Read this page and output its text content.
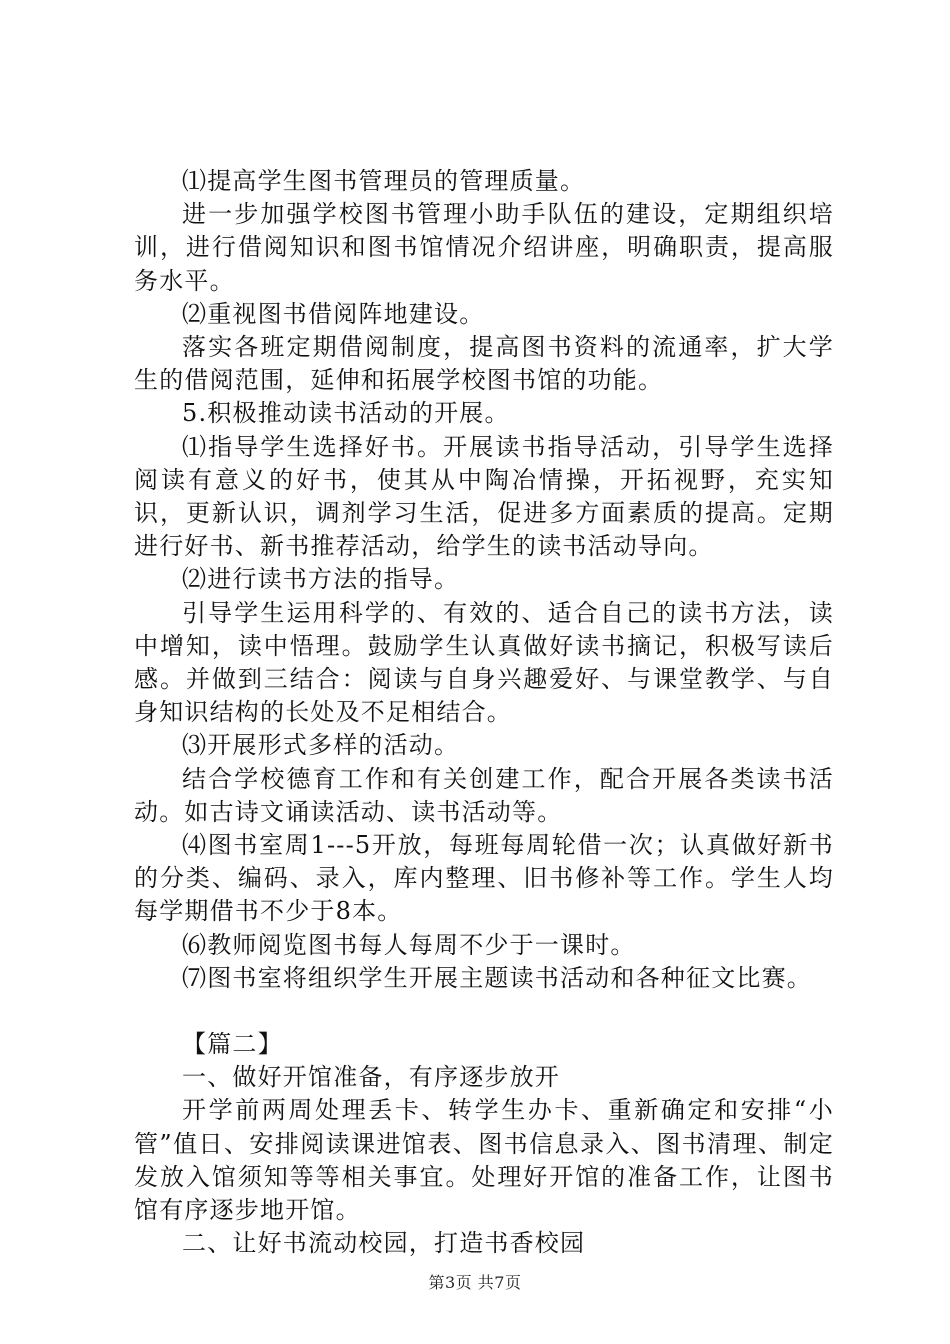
⑴提高学生图书管理员的管理质量。

进一步加强学校图书管理小助手队伍的建设，定期组织培训，进行借阅知识和图书馆情况介绍讲座，明确职责，提高服务水平。

⑵重视图书借阅阵地建设。

落实各班定期借阅制度，提高图书资料的流通率，扩大学生的借阅范围，延伸和拓展学校图书馆的功能。

5.积极推动读书活动的开展。

⑴指导学生选择好书。开展读书指导活动，引导学生选择阅读有意义的好书，使其从中陶冶情操，开拓视野，充实知识，更新认识，调剂学习生活，促进多方面素质的提高。定期进行好书、新书推荐活动，给学生的读书活动导向。

⑵进行读书方法的指导。

引导学生运用科学的、有效的、适合自己的读书方法，读中增知，读中悟理。鼓励学生认真做好读书摘记，积极写读后感。并做到三结合：阅读与自身兴趣爱好、与课堂教学、与自身知识结构的长处及不足相结合。

⑶开展形式多样的活动。

结合学校德育工作和有关创建工作，配合开展各类读书活动。如古诗文诵读活动、读书活动等。

⑷图书室周1---5开放，每班每周轮借一次；认真做好新书的分类、编码、录入，库内整理、旧书修补等工作。学生人均每学期借书不少于8本。

⑹教师阅览图书每人每周不少于一课时。

⑺图书室将组织学生开展主题读书活动和各种征文比赛。

【篇二】

一、做好开馆准备，有序逐步放开

开学前两周处理丢卡、转学生办卡、重新确定和安排“小管”值日、安排阅读课进馆表、图书信息录入、图书清理、制定发放入馆须知等等相关事宜。处理好开馆的准备工作，让图书馆有序逐步地开馆。

二、让好书流动校园，打造书香校园

第3页 共7页
